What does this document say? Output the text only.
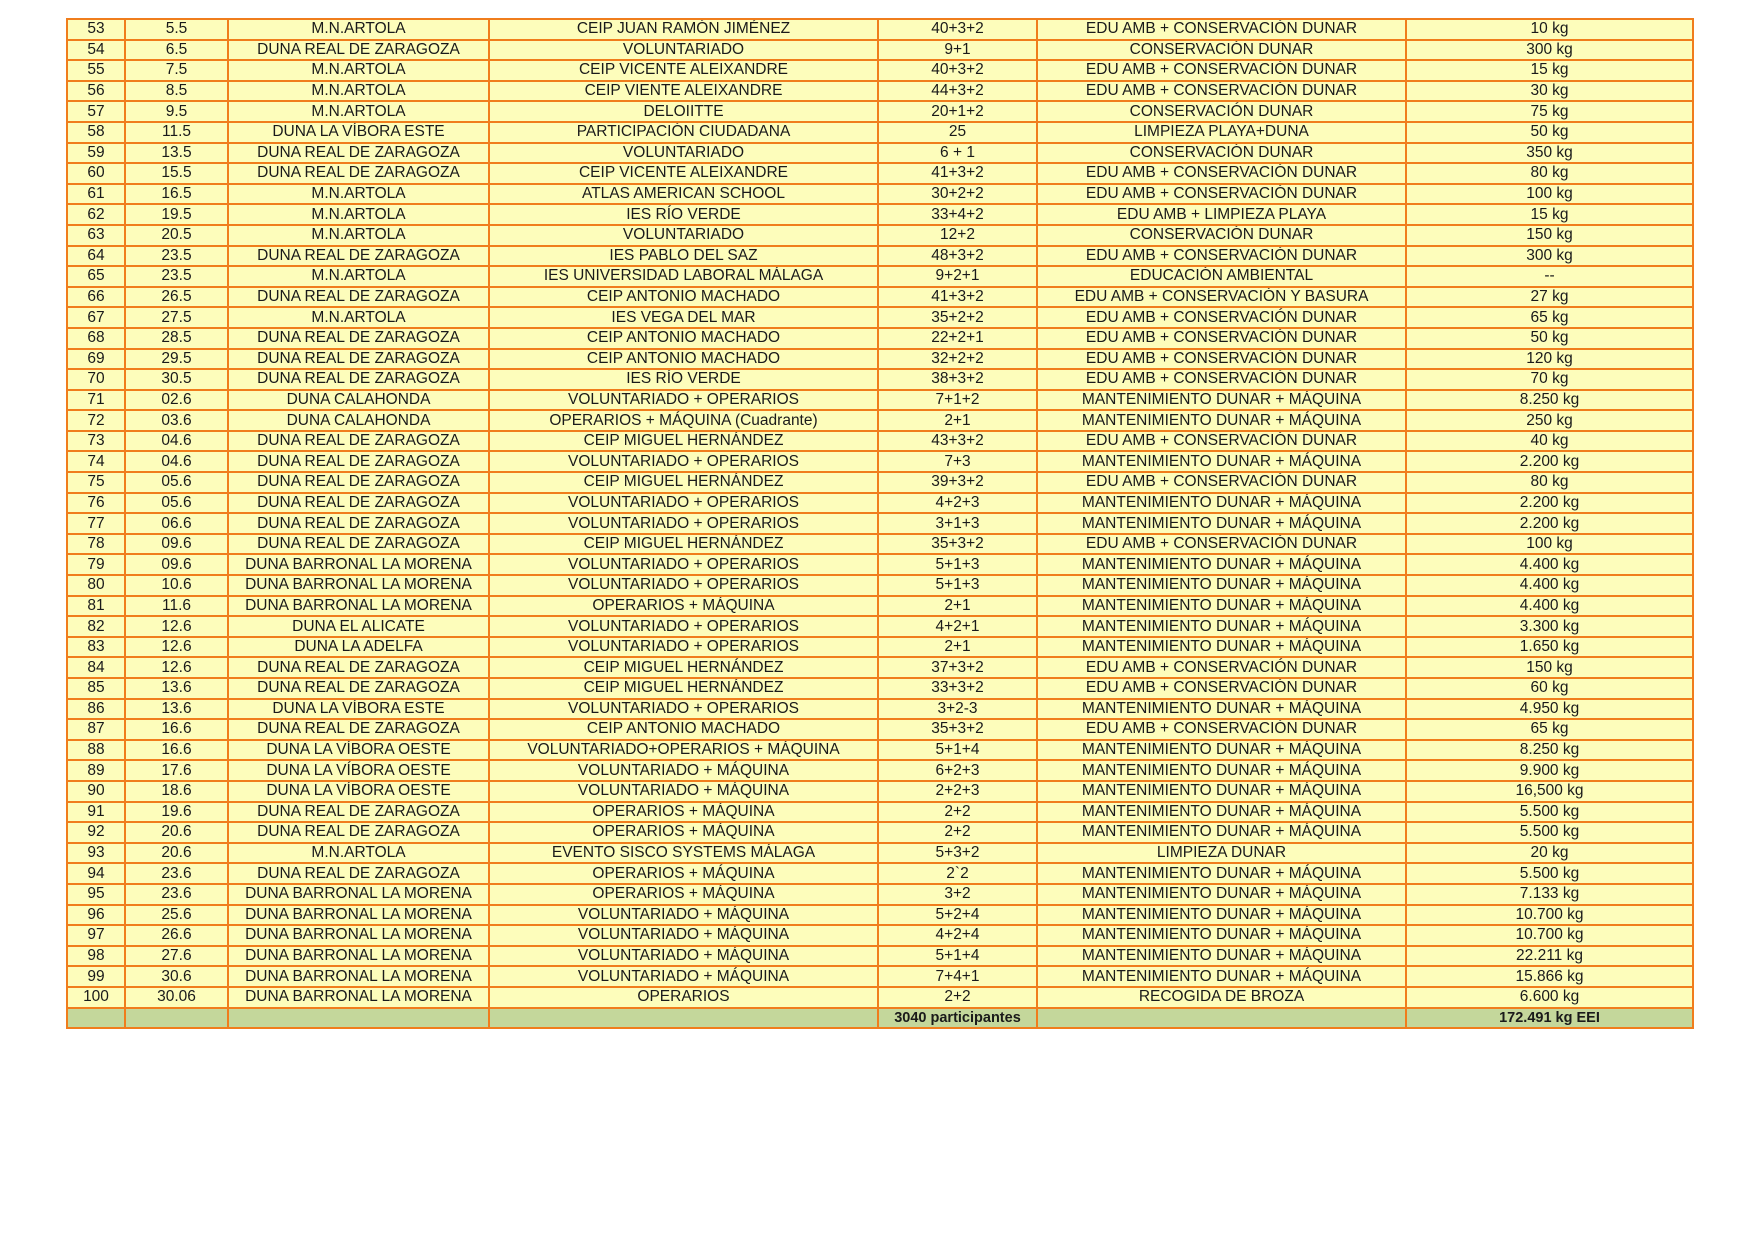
53	5.5	M.N.ARTOLA	CEIP JUAN RAMÓN JIMÉNEZ	40+3+2	EDU AMB + CONSERVACIÓN DUNAR	10 kg
54	6.5	DUNA REAL DE ZARAGOZA	VOLUNTARIADO	9+1	CONSERVACIÓN DUNAR	300 kg
55	7.5	M.N.ARTOLA	CEIP VICENTE ALEIXANDRE	40+3+2	EDU AMB + CONSERVACIÓN DUNAR	15 kg
56	8.5	M.N.ARTOLA	CEIP VIENTE ALEIXANDRE	44+3+2	EDU AMB + CONSERVACIÓN DUNAR	30 kg
57	9.5	M.N.ARTOLA	DELOIITTE	20+1+2	CONSERVACIÓN DUNAR	75 kg
58	11.5	DUNA LA VÍBORA ESTE	PARTICIPACIÓN CIUDADANA	25	LIMPIEZA PLAYA+DUNA	50 kg
59	13.5	DUNA REAL DE ZARAGOZA	VOLUNTARIADO	6 + 1	CONSERVACIÓN DUNAR	350 kg
60	15.5	DUNA REAL DE ZARAGOZA	CEIP VICENTE ALEIXANDRE	41+3+2	EDU AMB + CONSERVACIÓN DUNAR	80 kg
61	16.5	M.N.ARTOLA	ATLAS AMERICAN SCHOOL	30+2+2	EDU AMB + CONSERVACIÓN DUNAR	100 kg
62	19.5	M.N.ARTOLA	IES RÍO VERDE	33+4+2	EDU AMB + LIMPIEZA PLAYA	15 kg
63	20.5	M.N.ARTOLA	VOLUNTARIADO	12+2	CONSERVACIÓN DUNAR	150 kg
64	23.5	DUNA REAL DE ZARAGOZA	IES PABLO DEL SAZ	48+3+2	EDU AMB + CONSERVACIÓN DUNAR	300 kg
65	23.5	M.N.ARTOLA	IES UNIVERSIDAD LABORAL MÁLAGA	9+2+1	EDUCACIÓN AMBIENTAL	--
66	26.5	DUNA REAL DE ZARAGOZA	CEIP ANTONIO MACHADO	41+3+2	EDU AMB + CONSERVACIÓN Y BASURA	27 kg
67	27.5	M.N.ARTOLA	IES VEGA DEL MAR	35+2+2	EDU AMB + CONSERVACIÓN DUNAR	65 kg
68	28.5	DUNA REAL DE ZARAGOZA	CEIP ANTONIO MACHADO	22+2+1	EDU AMB + CONSERVACIÓN DUNAR	50 kg
69	29.5	DUNA REAL DE ZARAGOZA	CEIP ANTONIO MACHADO	32+2+2	EDU AMB + CONSERVACIÓN DUNAR	120 kg
70	30.5	DUNA REAL DE ZARAGOZA	IES RÍO VERDE	38+3+2	EDU AMB + CONSERVACIÓN DUNAR	70 kg
71	02.6	DUNA CALAHONDA	VOLUNTARIADO + OPERARIOS	7+1+2	MANTENIMIENTO DUNAR + MÁQUINA	8.250 kg
72	03.6	DUNA CALAHONDA	OPERARIOS + MÁQUINA (Cuadrante)	2+1	MANTENIMIENTO DUNAR + MÁQUINA	250 kg
73	04.6	DUNA REAL DE ZARAGOZA	CEIP MIGUEL HERNÁNDEZ	43+3+2	EDU AMB + CONSERVACIÓN DUNAR	40 kg
74	04.6	DUNA REAL DE ZARAGOZA	VOLUNTARIADO + OPERARIOS	7+3	MANTENIMIENTO DUNAR + MÁQUINA	2.200 kg
75	05.6	DUNA REAL DE ZARAGOZA	CEIP MIGUEL HERNÁNDEZ	39+3+2	EDU AMB + CONSERVACIÓN DUNAR	80 kg
76	05.6	DUNA REAL DE ZARAGOZA	VOLUNTARIADO + OPERARIOS	4+2+3	MANTENIMIENTO DUNAR + MÁQUINA	2.200 kg
77	06.6	DUNA REAL DE ZARAGOZA	VOLUNTARIADO + OPERARIOS	3+1+3	MANTENIMIENTO DUNAR + MÁQUINA	2.200 kg
78	09.6	DUNA REAL DE ZARAGOZA	CEIP MIGUEL HERNÁNDEZ	35+3+2	EDU AMB + CONSERVACIÓN DUNAR	100 kg
79	09.6	DUNA BARRONAL LA MORENA	VOLUNTARIADO + OPERARIOS	5+1+3	MANTENIMIENTO DUNAR + MÁQUINA	4.400 kg
80	10.6	DUNA BARRONAL LA MORENA	VOLUNTARIADO + OPERARIOS	5+1+3	MANTENIMIENTO DUNAR + MÁQUINA	4.400 kg
81	11.6	DUNA BARRONAL LA MORENA	OPERARIOS + MÁQUINA	2+1	MANTENIMIENTO DUNAR + MÁQUINA	4.400 kg
82	12.6	DUNA EL ALICATE	VOLUNTARIADO + OPERARIOS	4+2+1	MANTENIMIENTO DUNAR + MÁQUINA	3.300 kg
83	12.6	DUNA LA ADELFA	VOLUNTARIADO + OPERARIOS	2+1	MANTENIMIENTO DUNAR + MÁQUINA	1.650 kg
84	12.6	DUNA REAL DE ZARAGOZA	CEIP MIGUEL HERNÁNDEZ	37+3+2	EDU AMB + CONSERVACIÓN DUNAR	150 kg
85	13.6	DUNA REAL DE ZARAGOZA	CEIP MIGUEL HERNÁNDEZ	33+3+2	EDU AMB + CONSERVACIÓN DUNAR	60 kg
86	13.6	DUNA LA VÍBORA ESTE	VOLUNTARIADO + OPERARIOS	3+2-3	MANTENIMIENTO DUNAR + MÁQUINA	4.950 kg
87	16.6	DUNA REAL DE ZARAGOZA	CEIP ANTONIO MACHADO	35+3+2	EDU AMB + CONSERVACIÓN DUNAR	65 kg
88	16.6	DUNA LA VÍBORA OESTE	VOLUNTARIADO+OPERARIOS + MÁQUINA	5+1+4	MANTENIMIENTO DUNAR + MÁQUINA	8.250 kg
89	17.6	DUNA LA VÍBORA OESTE	VOLUNTARIADO + MÁQUINA	6+2+3	MANTENIMIENTO DUNAR + MÁQUINA	9.900 kg
90	18.6	DUNA LA VÍBORA OESTE	VOLUNTARIADO + MÁQUINA	2+2+3	MANTENIMIENTO DUNAR + MÁQUINA	16,500 kg
91	19.6	DUNA REAL DE ZARAGOZA	OPERARIOS + MÁQUINA	2+2	MANTENIMIENTO DUNAR + MÁQUINA	5.500 kg
92	20.6	DUNA REAL DE ZARAGOZA	OPERARIOS + MÁQUINA	2+2	MANTENIMIENTO DUNAR + MÁQUINA	5.500 kg
93	20.6	M.N.ARTOLA	EVENTO SISCO SYSTEMS MÁLAGA	5+3+2	LIMPIEZA DUNAR	20 kg
94	23.6	DUNA REAL DE ZARAGOZA	OPERARIOS + MÁQUINA	2`2	MANTENIMIENTO DUNAR + MÁQUINA	5.500 kg
95	23.6	DUNA BARRONAL LA MORENA	OPERARIOS + MÁQUINA	3+2	MANTENIMIENTO DUNAR + MÁQUINA	7.133 kg
96	25.6	DUNA BARRONAL LA MORENA	VOLUNTARIADO + MÁQUINA	5+2+4	MANTENIMIENTO DUNAR + MÁQUINA	10.700 kg
97	26.6	DUNA BARRONAL LA MORENA	VOLUNTARIADO + MÁQUINA	4+2+4	MANTENIMIENTO DUNAR + MÁQUINA	10.700 kg
98	27.6	DUNA BARRONAL LA MORENA	VOLUNTARIADO + MÁQUINA	5+1+4	MANTENIMIENTO DUNAR + MÁQUINA	22.211 kg
99	30.6	DUNA BARRONAL LA MORENA	VOLUNTARIADO + MÁQUINA	7+4+1	MANTENIMIENTO DUNAR + MÁQUINA	15.866 kg
100	30.06	DUNA BARRONAL LA MORENA	OPERARIOS	2+2	RECOGIDA DE BROZA	6.600 kg
				3040 participantes		172.491 kg EEI
